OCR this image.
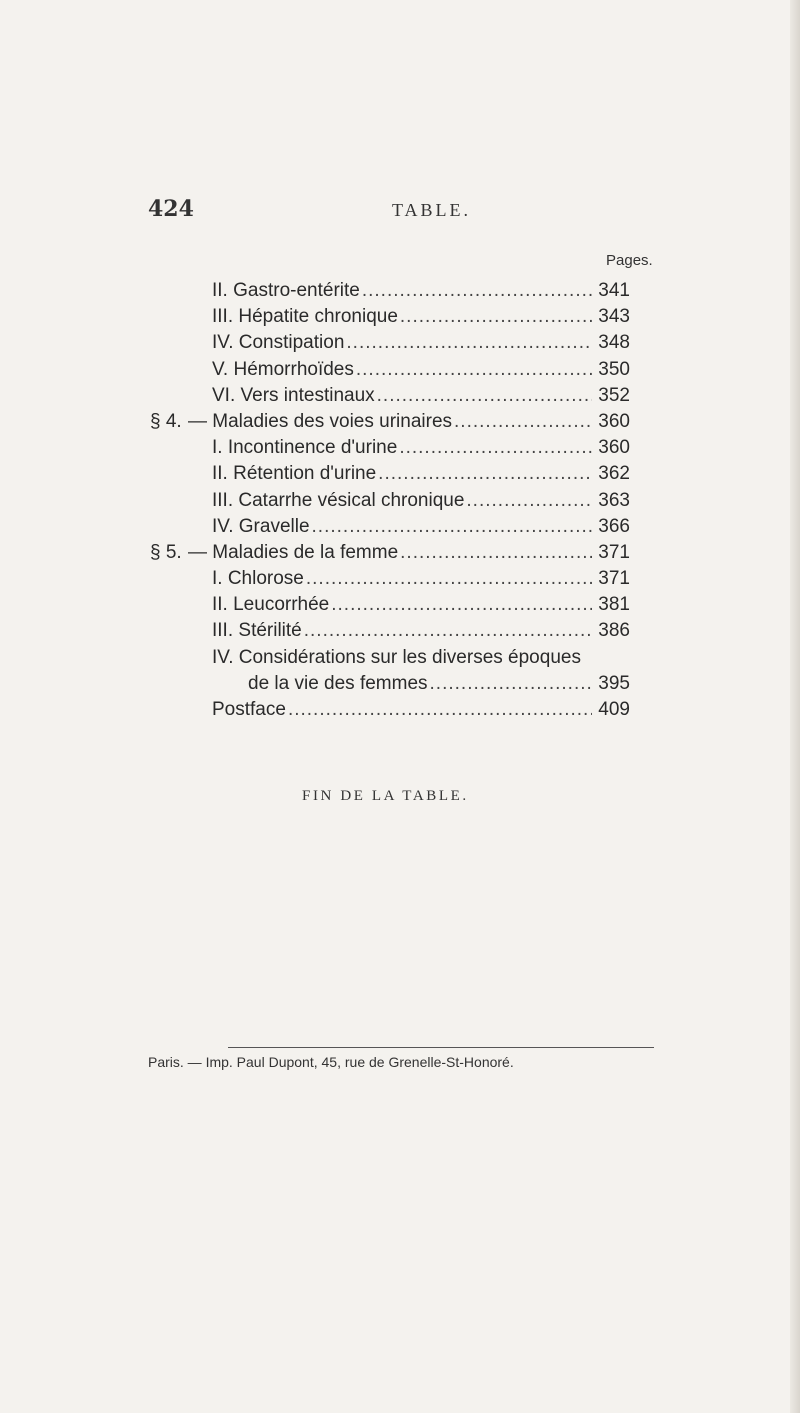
424	TABLE.
Pages.
II. Gastro-entérite .....	341
III. Hépatite chronique .....	343
IV. Constipation .....	348
V. Hémorrhoïdes .....	350
VI. Vers intestinaux .....	352
§ 4. — Maladies des voies urinaires .....	360
I. Incontinence d'urine .....	360
II. Rétention d'urine .....	362
III. Catarrhe vésical chronique .....	363
IV. Gravelle .....	366
§ 5. — Maladies de la femme .....	371
I. Chlorose .....	371
II. Leucorrhée .....	381
III. Stérilité .....	386
IV. Considérations sur les diverses époques
de la vie des femmes .....	395
Postface .....	409
FIN DE LA TABLE.
Paris. — Imp. Paul Dupont, 45, rue de Grenelle-St-Honoré.
